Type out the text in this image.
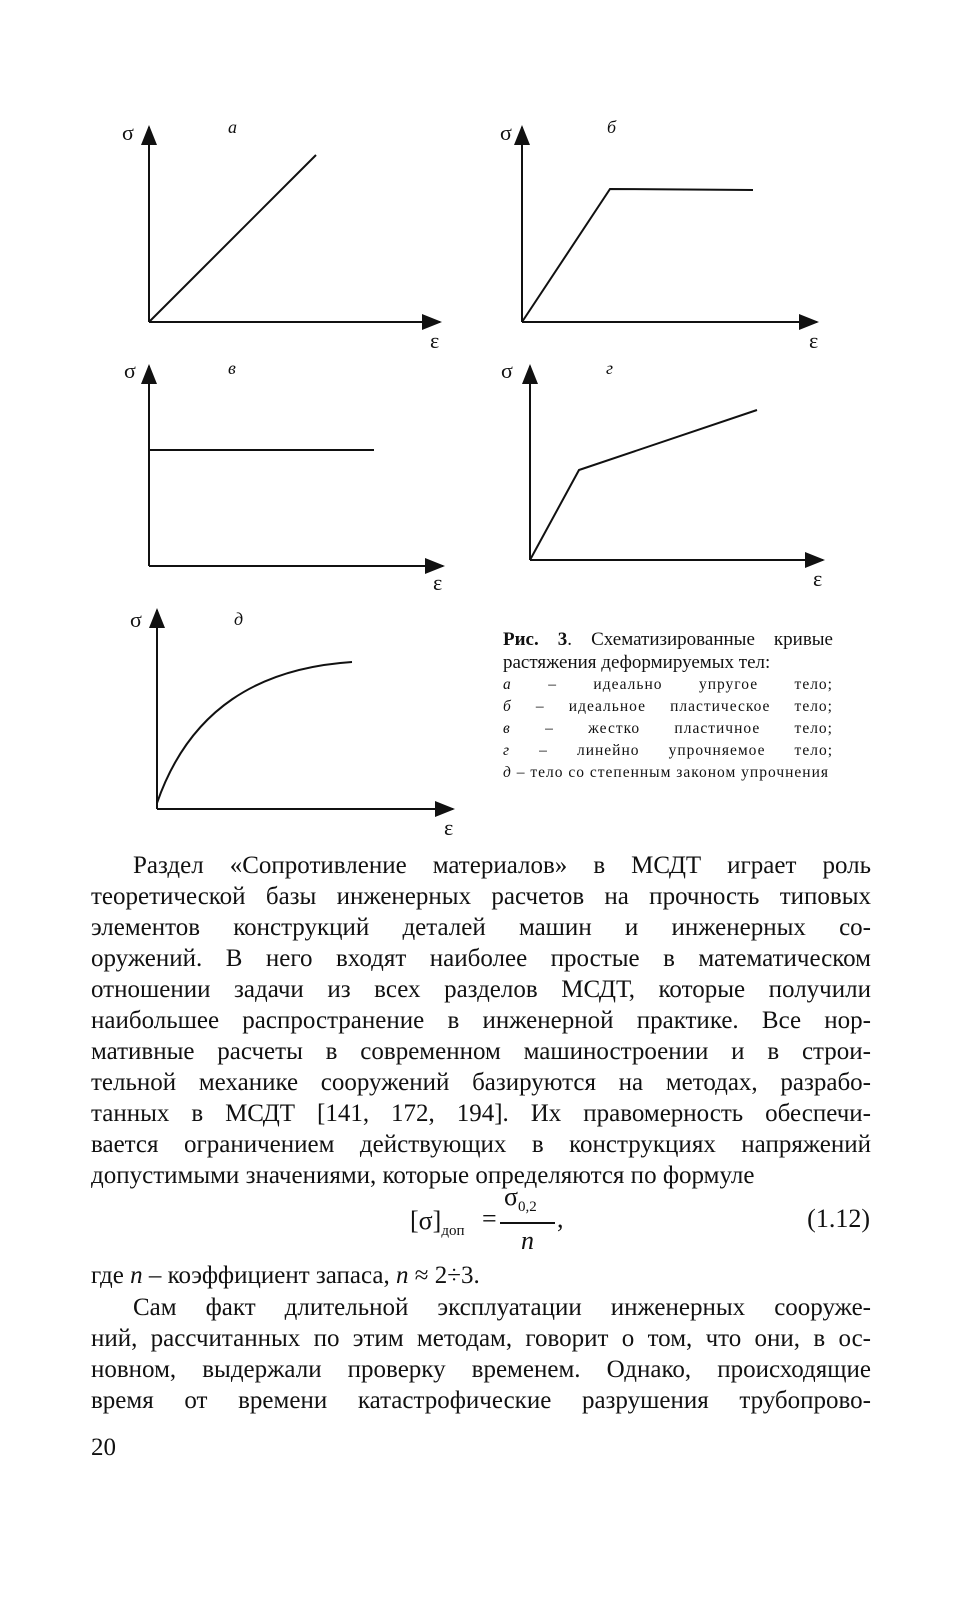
σ	а
ε
σ	б
ε
σ	в
ε
σ	г
ε
σ	д
ε
Рис. 3. Схематизированные кривые растяжения деформируемых тел:
а – идеально упругое тело;
б – идеальное пластическое тело;
в – жестко пластичное тело;
г – линейно упрочняемое тело;
д – тело со степенным законом упрочнения
Раздел «Сопротивление материалов» в МСДТ играет роль
теоретической базы инженерных расчетов на прочность типовых
элементов конструкций деталей машин и инженерных со-
оружений. В него входят наиболее простые в математическом
отношении задачи из всех разделов МСДТ, которые получили
наибольшее распространение в инженерной практике. Все нор-
мативные расчеты в современном машиностроении и в строи-
тельной механике сооружений базируются на методах, разрабо-
танных в МСДТ [141, 172, 194]. Их правомерность обеспечи-
вается ограничением действующих в конструкциях напряжений
допустимыми значениями, которые определяются по формуле
$[\sigma]_{доп}$ =
$\sigma_{0,2}$ ,
n
(1.12)
где n – коэффициент запаса, n ≈ 2÷3.
Сам факт длительной эксплуатации инженерных сооруже-
ний, рассчитанных по этим методам, говорит о том, что они, в ос-
новном, выдержали проверку временем. Однако, происходящие
время от времени катастрофические разрушения трубопрово-
20
